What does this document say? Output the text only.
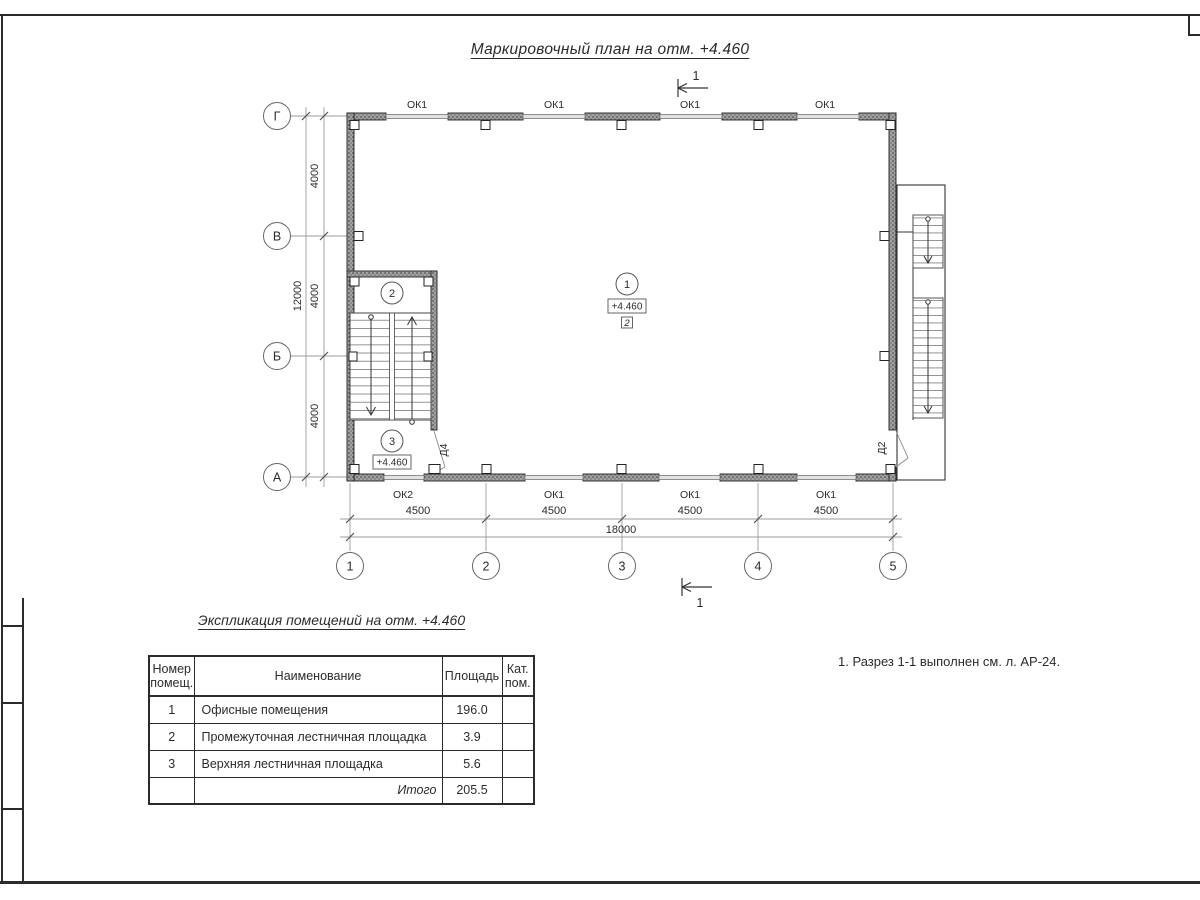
Маркировочный план на отм. +4.460
4000
4000
4000
12000
4500	4500	4500	4500
18000
Г
В
Б
А
1	2	3	4	5
ОК1	ОК1	ОК1	ОК1
ОК2	ОК1	ОК1	ОК1
1
+4.460
2
2
3
+4.460
Д4	Д2
1
1
Экспликация помещений на отм. +4.460
Номер помещ.	Наименование	Площадь	Кат. пом.
1	Офисные помещения	196.0	
2	Промежуточная лестничная площадка	3.9	
3	Верхняя лестничная площадка	5.6	
	Итого	205.5	
1. Разрез 1-1 выполнен см. л. АР-24.
